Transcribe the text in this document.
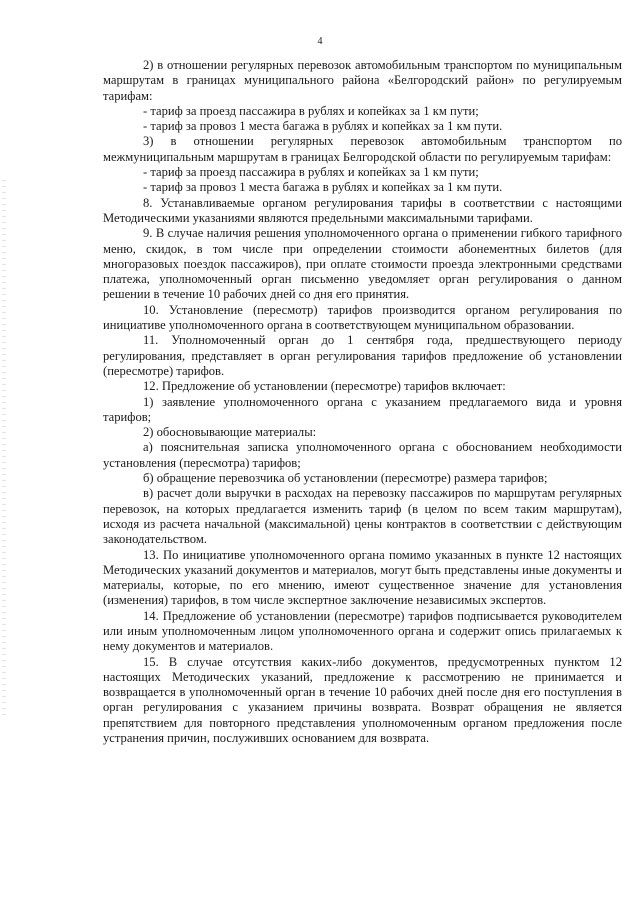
4

2) в отношении регулярных перевозок автомобильным транспортом по муниципальным маршрутам в границах муниципального района «Белгородский район» по регулируемым тарифам:

- тариф за проезд пассажира в рублях и копейках за 1 км пути;

- тариф за провоз 1 места багажа в рублях и копейках за 1 км пути.

3) в отношении регулярных перевозок автомобильным транспортом по межмуниципальным маршрутам в границах Белгородской области по регулируемым тарифам:

- тариф за проезд пассажира в рублях и копейках за 1 км пути;

- тариф за провоз 1 места багажа в рублях и копейках за 1 км пути.

8. Устанавливаемые органом регулирования тарифы в соответствии с настоящими Методическими указаниями являются предельными максимальными тарифами.

9. В случае наличия решения уполномоченного органа о применении гибкого тарифного меню, скидок, в том числе при определении стоимости абонементных билетов (для многоразовых поездок пассажиров), при оплате стоимости проезда электронными средствами платежа, уполномоченный орган письменно уведомляет орган регулирования о данном решении в течение 10 рабочих дней со дня его принятия.

10. Установление (пересмотр) тарифов производится органом регулирования по инициативе уполномоченного органа в соответствующем муниципальном образовании.

11. Уполномоченный орган до 1 сентября года, предшествующего периоду регулирования, представляет в орган регулирования тарифов предложение об установлении (пересмотре) тарифов.

12. Предложение об установлении (пересмотре) тарифов включает:

1) заявление уполномоченного органа с указанием предлагаемого вида и уровня тарифов;

2) обосновывающие материалы:

а) пояснительная записка уполномоченного органа с обоснованием необходимости установления (пересмотра) тарифов;

б) обращение перевозчика об установлении (пересмотре) размера тарифов;

в) расчет доли выручки в расходах на перевозку пассажиров по маршрутам регулярных перевозок, на которых предлагается изменить тариф (в целом по всем таким маршрутам), исходя из расчета начальной (максимальной) цены контрактов в соответствии с действующим законодательством.

13. По инициативе уполномоченного органа помимо указанных в пункте 12 настоящих Методических указаний документов и материалов, могут быть представлены иные документы и материалы, которые, по его мнению, имеют существенное значение для установления (изменения) тарифов, в том числе экспертное заключение независимых экспертов.

14. Предложение об установлении (пересмотре) тарифов подписывается руководителем или иным уполномоченным лицом уполномоченного органа и содержит опись прилагаемых к нему документов и материалов.

15. В случае отсутствия каких-либо документов, предусмотренных пунктом 12 настоящих Методических указаний, предложение к рассмотрению не принимается и возвращается в уполномоченный орган в течение 10 рабочих дней после дня его поступления в орган регулирования с указанием причины возврата. Возврат обращения не является препятствием для повторного представления уполномоченным органом предложения после устранения причин, послуживших основанием для возврата.
